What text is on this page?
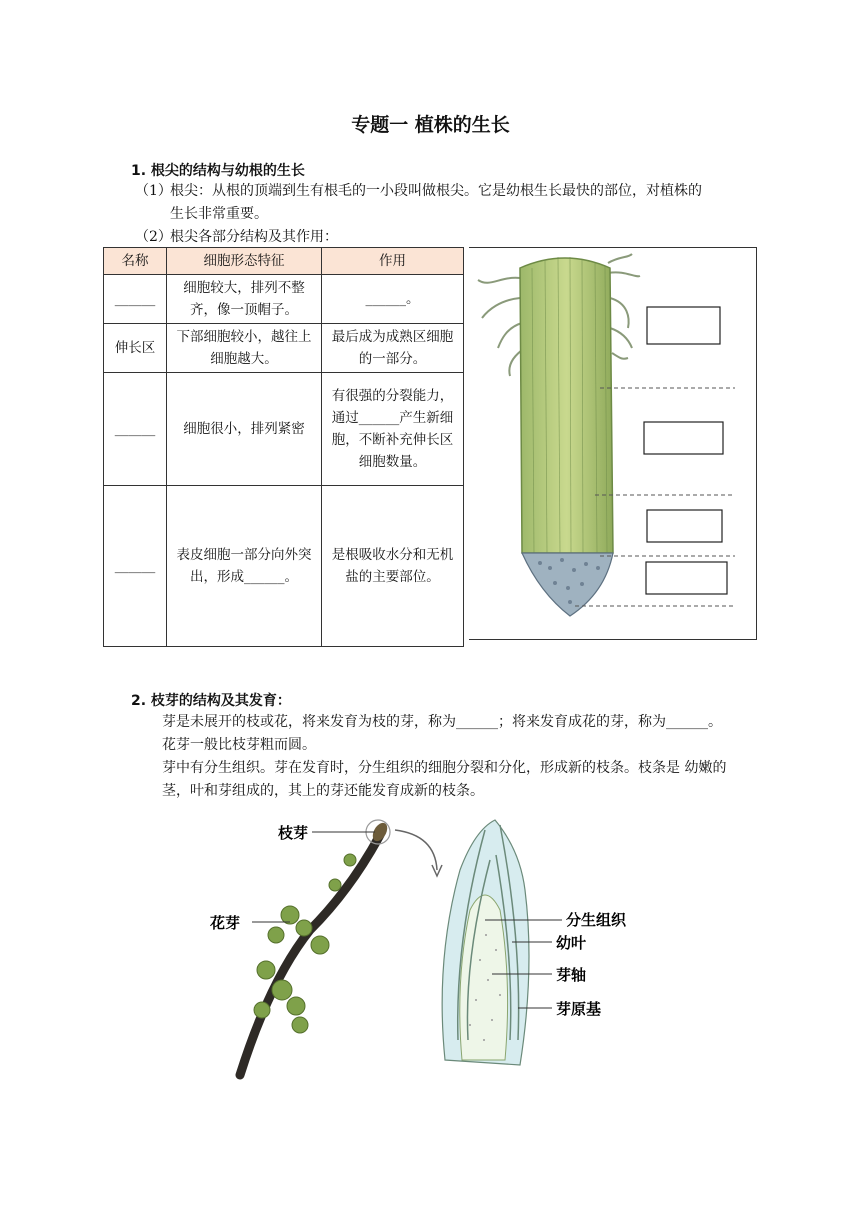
专题一 植株的生长
1. 根尖的结构与幼根的生长
（1）
根尖：从根的顶端到生有根毛的一小段叫做根尖。它是幼根生长最快的部位，对植株的
生长非常重要。
（2）
根尖各部分结构及其作用：
名称	细胞形态特征	作用
______	细胞较大，排列不整齐，像一顶帽子。	______。
伸长区	下部细胞较小，越往上细胞越大。	最后成为成熟区细胞的一部分。
______	细胞很小，排列紧密	有很强的分裂能力，通过______产生新细胞，不断补充伸长区细胞数量。
______	表皮细胞一部分向外突出，形成______。	是根吸收水分和无机盐的主要部位。
2. 枝芽的结构及其发育：
芽是未展开的枝或花，将来发育为枝的芽，称为______；将来发育成花的芽，称为______。
花芽一般比枝芽粗而圆。
芽中有分生组织。芽在发育时，分生组织的细胞分裂和分化，形成新的枝条。枝条是 幼嫩的
茎，叶和芽组成的，其上的芽还能发育成新的枝条。
枝芽
花芽	分生组织
幼叶
芽轴
芽原基
